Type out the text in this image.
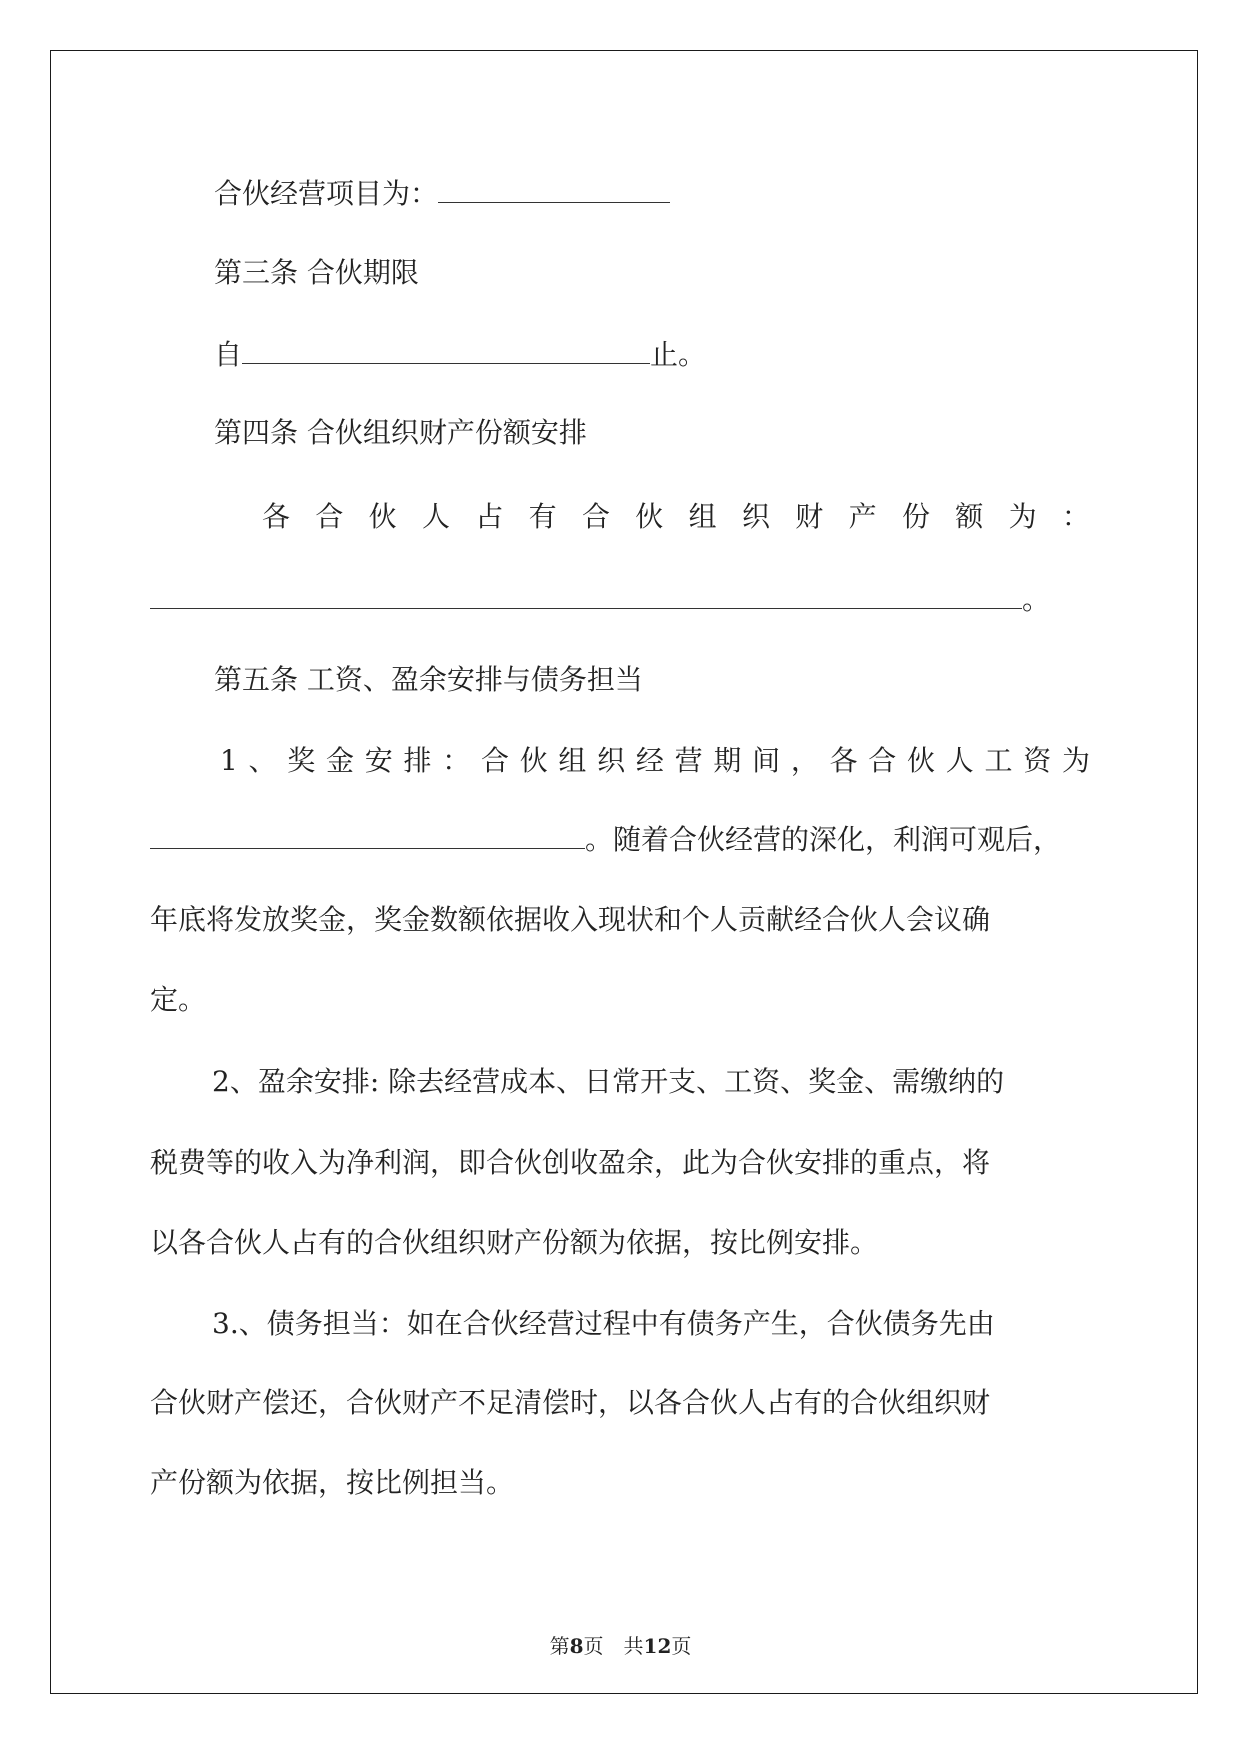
合伙经营项目为：
第三条 合伙期限
自	止。
第四条 合伙组织财产份额安排
各 合 伙 人 占 有 合 伙 组 织 财 产 份 额 为 ：
。
第五条 工资、盈余安排与债务担当
1 、 奖 金 安 排 ： 合 伙 组 织 经 营 期 间 ， 各 合 伙 人 工 资 为
。随着合伙经营的深化，利润可观后，
年底将发放奖金，奖金数额依据收入现状和个人贡献经合伙人会议确
定。
2、盈余安排: 除去经营成本、日常开支、工资、奖金、需缴纳的
税费等的收入为净利润，即合伙创收盈余，此为合伙安排的重点，将
以各合伙人占有的合伙组织财产份额为依据，按比例安排。
3.、债务担当：如在合伙经营过程中有债务产生，合伙债务先由
合伙财产偿还，合伙财产不足清偿时，以各合伙人占有的合伙组织财
产份额为依据，按比例担当。
第8页　共12页
